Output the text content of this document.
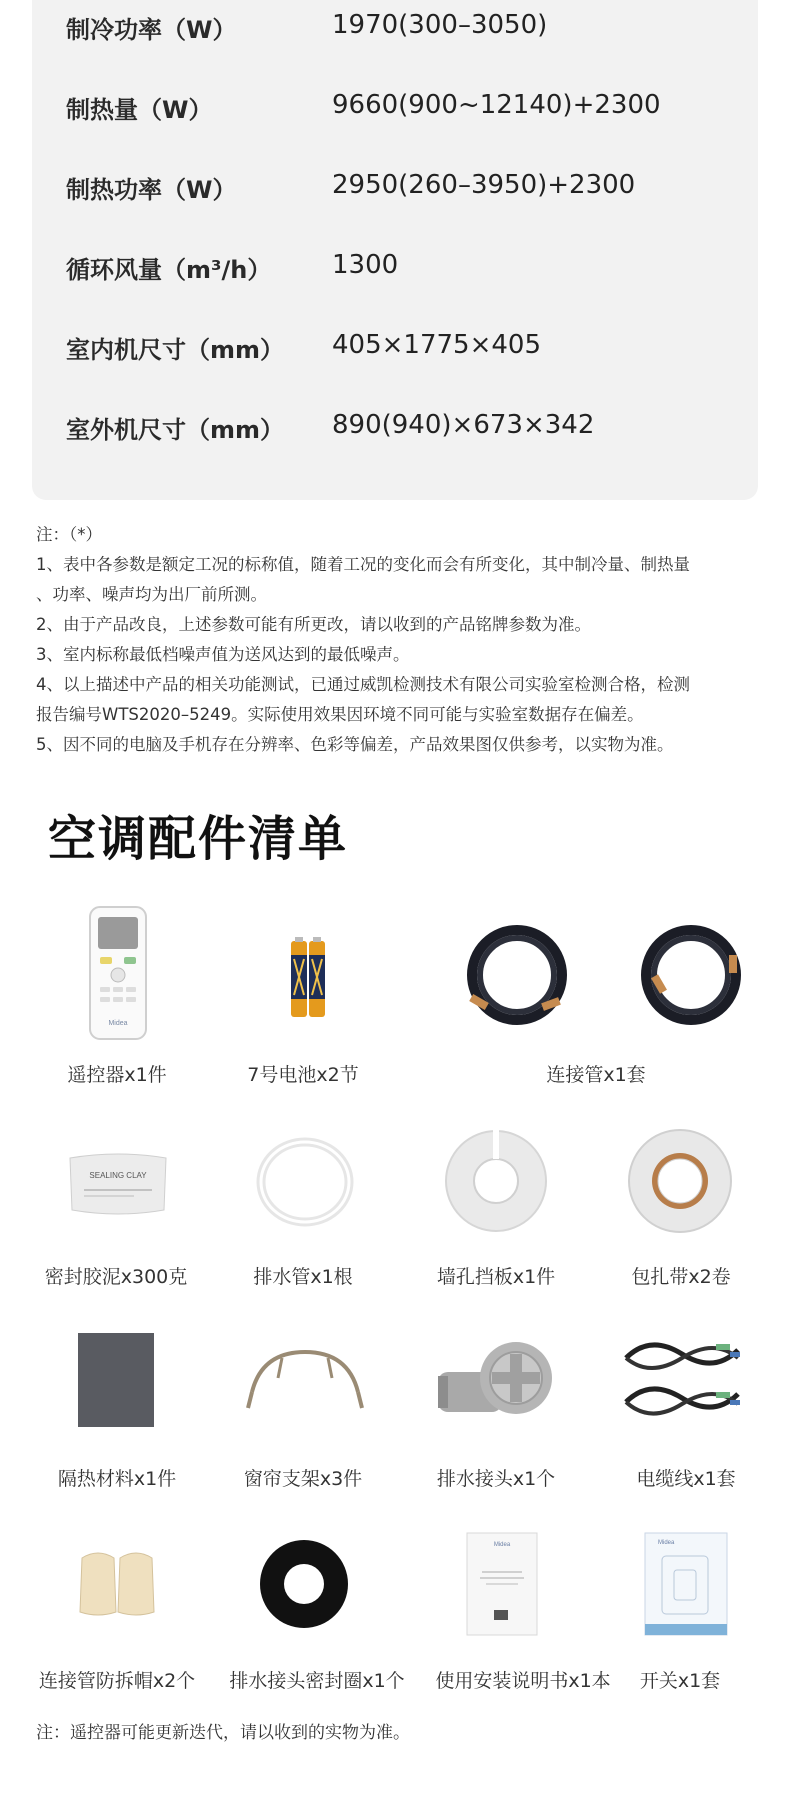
制冷功率（W）	1970(300–3050)
制热量（W）	9660(900~12140)+2300
制热功率（W）	2950(260–3950)+2300
循环风量（m³/h） 1300
室内机尺寸（mm） 405×1775×405
室外机尺寸（mm） 890(940)×673×342
注：（*）
1、表中各参数是额定工况的标称值，随着工况的变化而会有所变化，其中制冷量、制热量
、功率、噪声均为出厂前所测。
2、由于产品改良，上述参数可能有所更改，请以收到的产品铭牌参数为准。
3、室内标称最低档噪声值为送风达到的最低噪声。
4、以上描述中产品的相关功能测试，已通过威凯检测技术有限公司实验室检测合格，检测
报告编号WTS2020–5249。实际使用效果因环境不同可能与实验室数据存在偏差。
5、因不同的电脑及手机存在分辨率、色彩等偏差，产品效果图仅供参考，以实物为准。
空调配件清单
Midea
遥控器x1件	7号电池x2节	连接管x1套
SEALING CLAY
密封胶泥x300克	排水管x1根	墙孔挡板x1件	包扎带x2卷
隔热材料x1件	窗帘支架x3件	排水接头x1个	电缆线x1套
Midea	Midea
连接管防拆帽x2个	排水接头密封圈x1个	使用安装说明书x1本	开关x1套
注：遥控器可能更新迭代，请以收到的实物为准。
